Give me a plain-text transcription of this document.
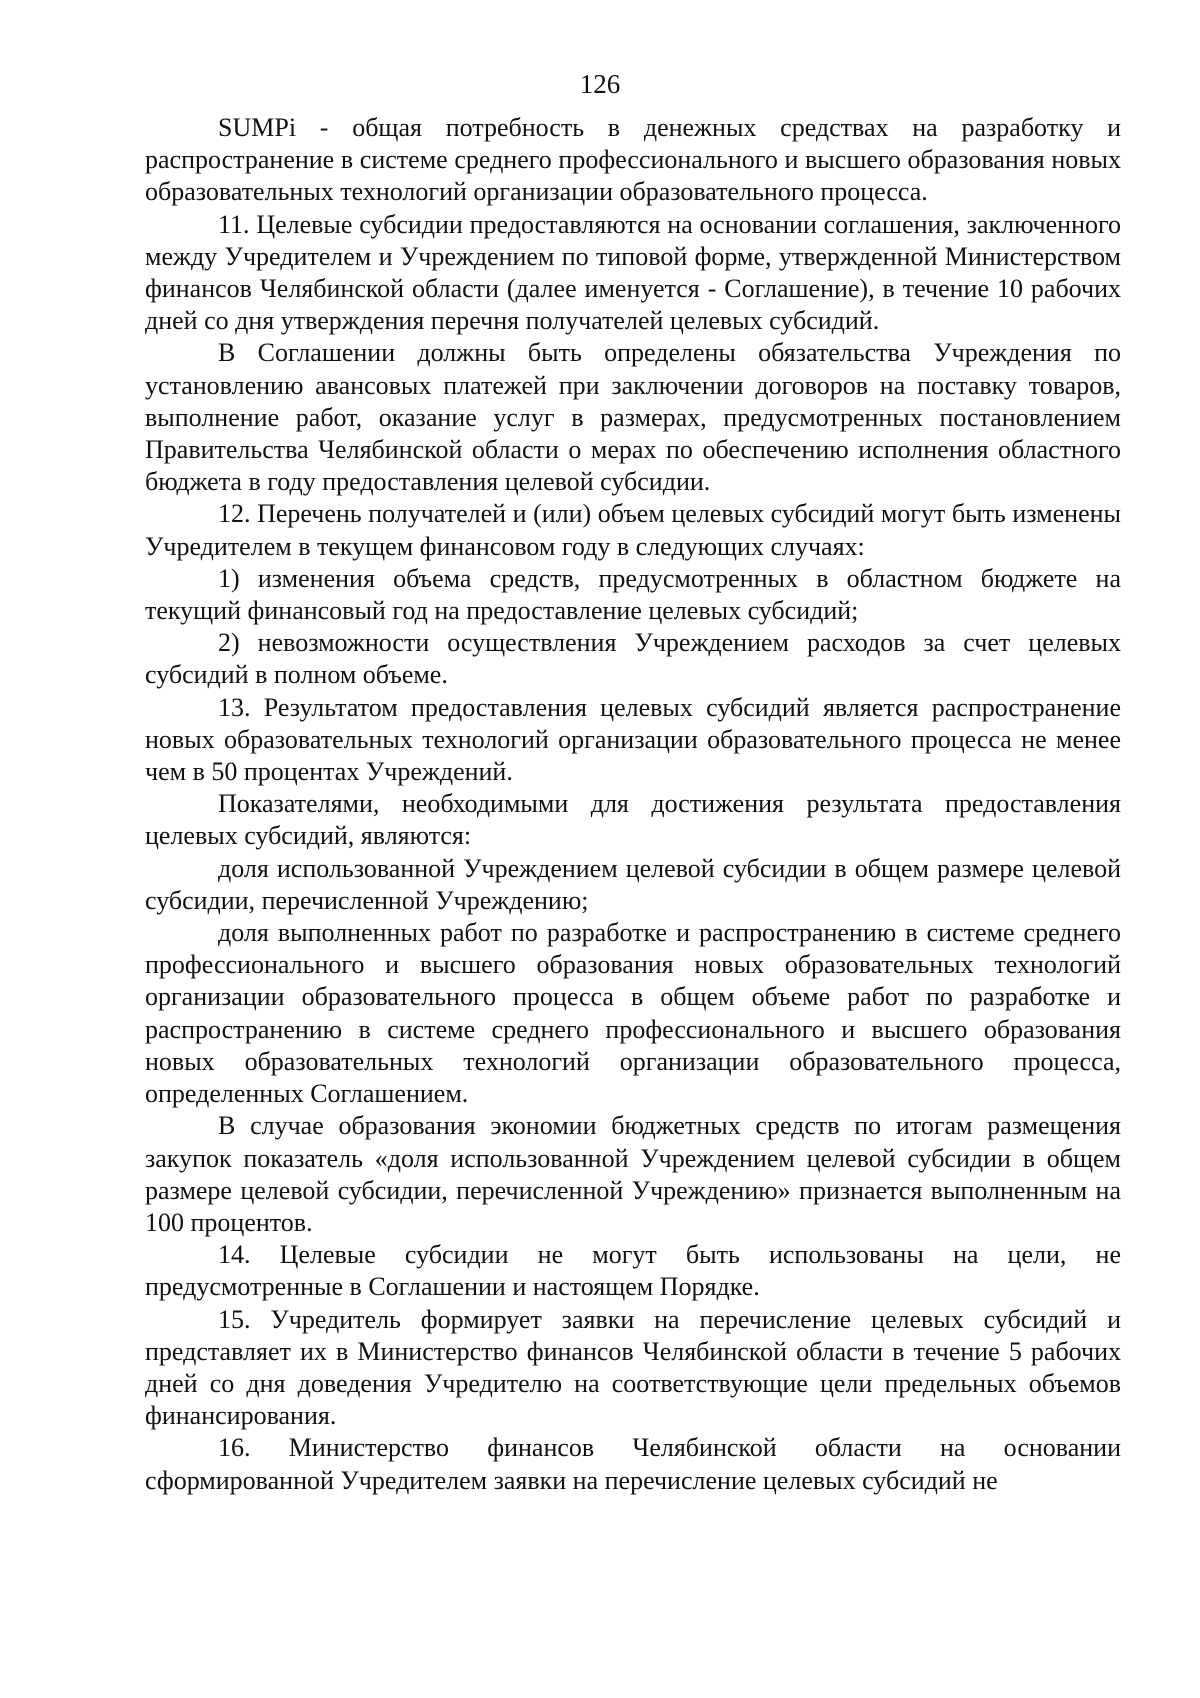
126

SUMPi - общая потребность в денежных средствах на разработку и распространение в системе среднего профессионального и высшего образования новых образовательных технологий организации образовательного процесса.

11. Целевые субсидии предоставляются на основании соглашения, заключенного между Учредителем и Учреждением по типовой форме, утвержденной Министерством финансов Челябинской области (далее именуется - Соглашение), в течение 10 рабочих дней со дня утверждения перечня получателей целевых субсидий.

В Соглашении должны быть определены обязательства Учреждения по установлению авансовых платежей при заключении договоров на поставку товаров, выполнение работ, оказание услуг в размерах, предусмотренных постановлением Правительства Челябинской области о мерах по обеспечению исполнения областного бюджета в году предоставления целевой субсидии.

12. Перечень получателей и (или) объем целевых субсидий могут быть изменены Учредителем в текущем финансовом году в следующих случаях:

1) изменения объема средств, предусмотренных в областном бюджете на текущий финансовый год на предоставление целевых субсидий;

2) невозможности осуществления Учреждением расходов за счет целевых субсидий в полном объеме.

13. Результатом предоставления целевых субсидий является распространение новых образовательных технологий организации образовательного процесса не менее чем в 50 процентах Учреждений.

Показателями, необходимыми для достижения результата предоставления целевых субсидий, являются:

доля использованной Учреждением целевой субсидии в общем размере целевой субсидии, перечисленной Учреждению;

доля выполненных работ по разработке и распространению в системе среднего профессионального и высшего образования новых образовательных технологий организации образовательного процесса в общем объеме работ по разработке и распространению в системе среднего профессионального и высшего образования новых образовательных технологий организации образовательного процесса, определенных Соглашением.

В случае образования экономии бюджетных средств по итогам размещения закупок показатель «доля использованной Учреждением целевой субсидии в общем размере целевой субсидии, перечисленной Учреждению» признается выполненным на 100 процентов.

14. Целевые субсидии не могут быть использованы на цели, не предусмотренные в Соглашении и настоящем Порядке.

15. Учредитель формирует заявки на перечисление целевых субсидий и представляет их в Министерство финансов Челябинской области в течение 5 рабочих дней со дня доведения Учредителю на соответствующие цели предельных объемов финансирования.

16. Министерство финансов Челябинской области на основании сформированной Учредителем заявки на перечисление целевых субсидий не
